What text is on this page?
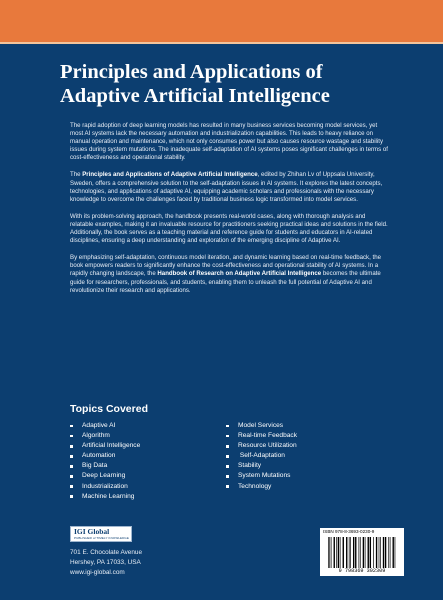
Principles and Applications of
Adaptive Artificial Intelligence

The rapid adoption of deep learning models has resulted in many business services becoming model services, yet most AI systems lack the necessary automation and industrialization capabilities. This leads to heavy reliance on manual operation and maintenance, which not only consumes power but also causes resource wastage and stability issues during system mutations. The inadequate self-adaptation of AI systems poses significant challenges in terms of cost-effectiveness and operational stability.

The Principles and Applications of Adaptive Artificial Intelligence, edited by Zhihan Lv of Uppsala University, Sweden, offers a comprehensive solution to the self-adaptation issues in AI systems. It explores the latest concepts, technologies, and applications of adaptive AI, equipping academic scholars and professionals with the necessary knowledge to overcome the challenges faced by traditional business logic transformed into model services.

With its problem-solving approach, the handbook presents real-world cases, along with thorough analysis and relatable examples, making it an invaluable resource for practitioners seeking practical ideas and solutions in the field. Additionally, the book serves as a teaching material and reference guide for students and educators in AI-related disciplines, ensuring a deep understanding and exploration of the emerging discipline of Adaptive AI.

By emphasizing self-adaptation, continuous model iteration, and dynamic learning based on real-time feedback, the book empowers readers to significantly enhance the cost-effectiveness and operational stability of AI systems. In a rapidly changing landscape, the Handbook of Research on Adaptive Artificial Intelligence becomes the ultimate guide for researchers, professionals, and students, enabling them to unleash the full potential of Adaptive AI and revolutionize their research and applications.

Topics Covered
Adaptive AI
Algorithm
Artificial Intelligence
Automation
Big Data
Deep Learning
Industrialization
Machine Learning
Model Services
Real-time Feedback
Resource Utilization
Self-Adaptation
Stability
System Mutations
Technology
IGI Global
PUBLISHER of TIMELY KNOWLEDGE
701 E. Chocolate Avenue
Hershey, PA 17033, USA
www.igi-global.com
ISBN 978-8-3693-0230-9
9 798369 302309
